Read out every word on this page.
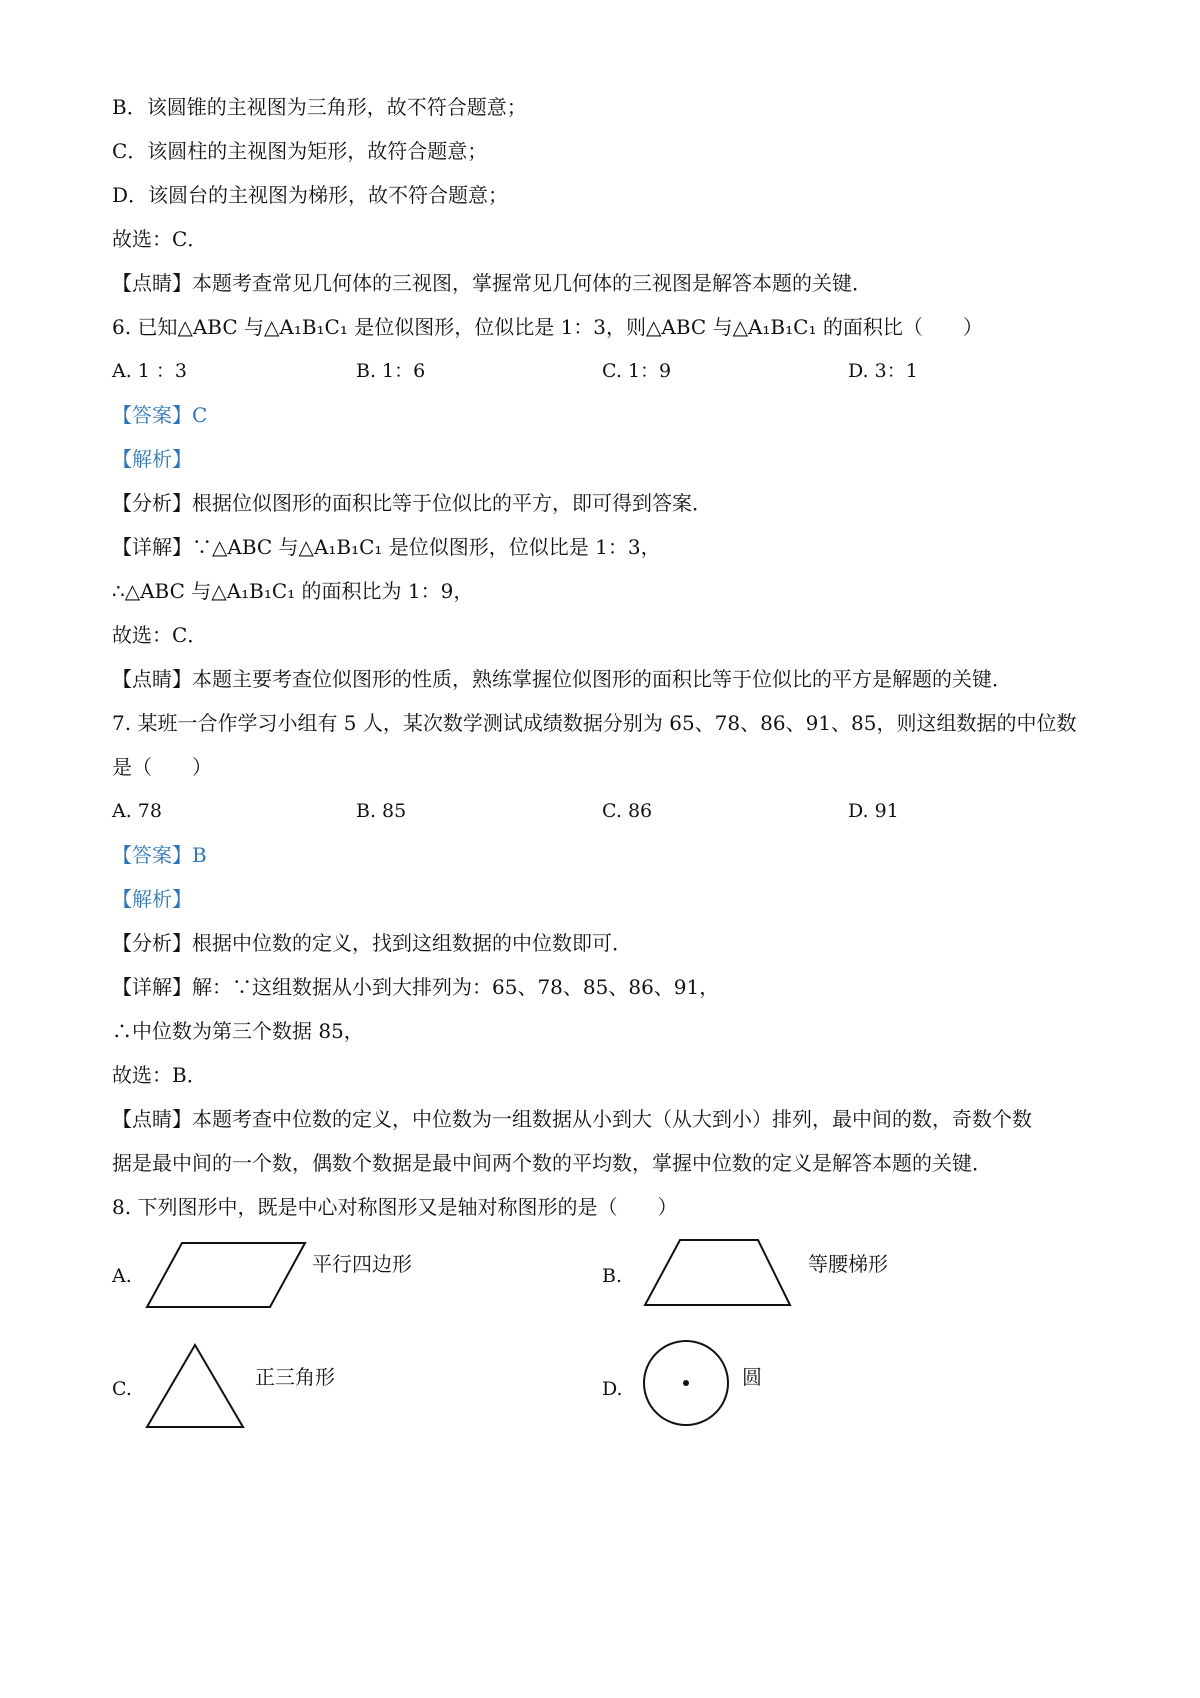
B．该圆锥的主视图为三角形，故不符合题意；
C．该圆柱的主视图为矩形，故符合题意；
D．该圆台的主视图为梯形，故不符合题意；
故选：C．
【点睛】本题考查常见几何体的三视图，掌握常见几何体的三视图是解答本题的关键．
6. 已知△ABC 与△A₁B₁C₁ 是位似图形，位似比是 1：3，则△ABC 与△A₁B₁C₁ 的面积比（　　）
A. 1 ：3	B. 1：6	C. 1：9	D. 3：1
【答案】C
【解析】
【分析】根据位似图形的面积比等于位似比的平方，即可得到答案．
【详解】∵△ABC 与△A₁B₁C₁ 是位似图形，位似比是 1：3，
∴△ABC 与△A₁B₁C₁ 的面积比为 1：9，
故选：C．
【点睛】本题主要考查位似图形的性质，熟练掌握位似图形的面积比等于位似比的平方是解题的关键．
7. 某班一合作学习小组有 5 人，某次数学测试成绩数据分别为 65、78、86、91、85，则这组数据的中位数
是（　　）
A. 78	B. 85	C. 86	D. 91
【答案】B
【解析】
【分析】根据中位数的定义，找到这组数据的中位数即可．
【详解】解：∵这组数据从小到大排列为：65、78、85、86、91，
∴中位数为第三个数据 85，
故选：B．
【点睛】本题考查中位数的定义，中位数为一组数据从小到大（从大到小）排列，最中间的数，奇数个数
据是最中间的一个数，偶数个数据是最中间两个数的平均数，掌握中位数的定义是解答本题的关键．
8. 下列图形中，既是中心对称图形又是轴对称图形的是（　　）
A.	平行四边形	B.	等腰梯形
C.	正三角形	D.	圆
